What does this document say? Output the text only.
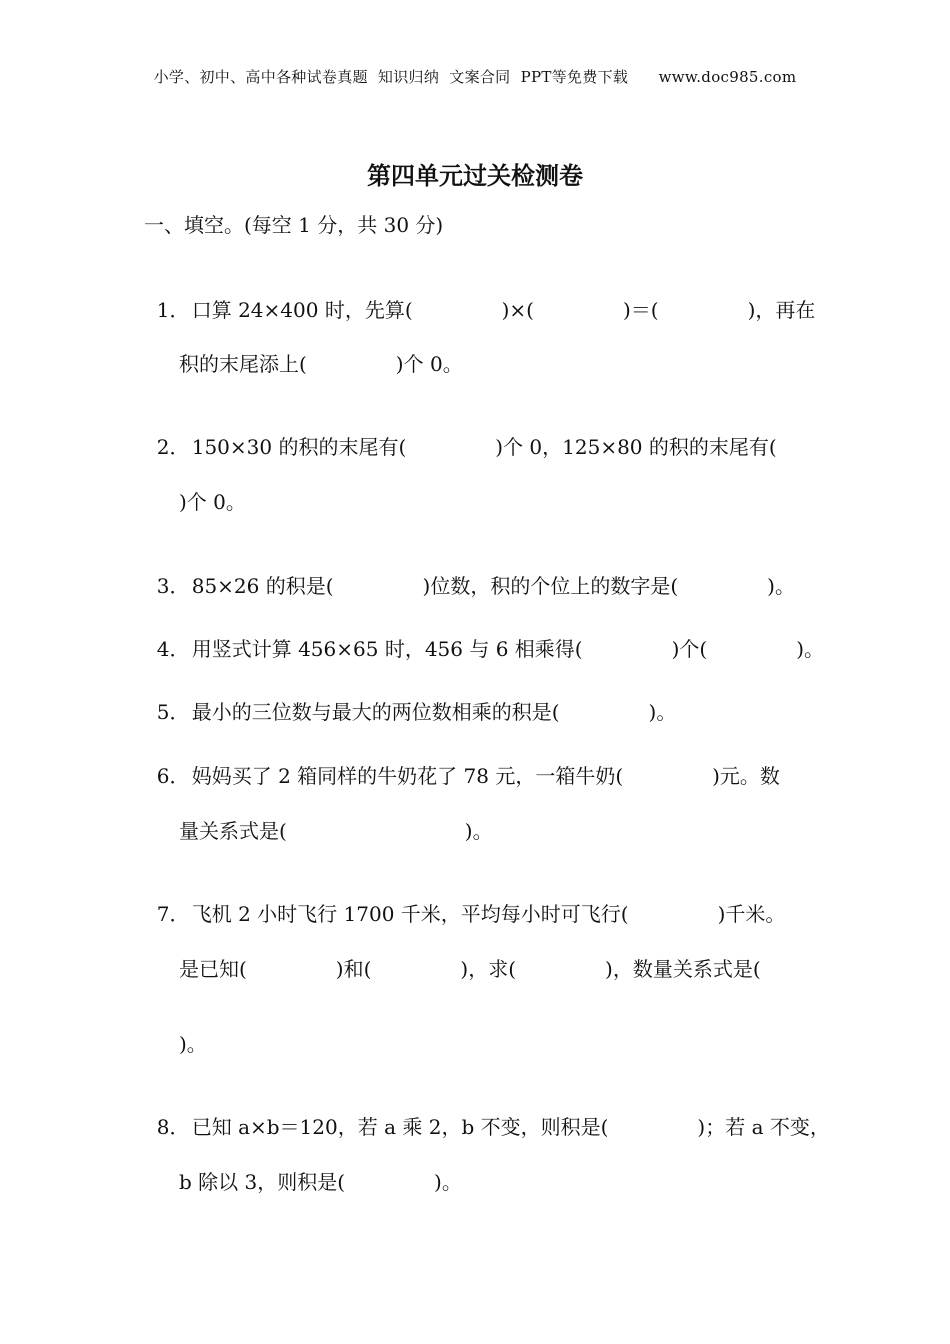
小学、初中、高中各种试卷真题  知识归纳  文案合同  PPT等免费下载      www.doc985.com
第四单元过关检测卷
一、填空。(每空 1 分，共 30 分)

1． 口算 24×400 时，先算(              )×(              )＝(              )，再在

积的末尾添上(              )个 0。

2． 150×30 的积的末尾有(              )个 0，125×80 的积的末尾有(

)个 0。

3． 85×26 的积是(              )位数，积的个位上的数字是(              )。

4． 用竖式计算 456×65 时，456 与 6 相乘得(              )个(              )。

5． 最小的三位数与最大的两位数相乘的积是(              )。

6． 妈妈买了 2 箱同样的牛奶花了 78 元，一箱牛奶(              )元。数

量关系式是(                            )。

7． 飞机 2 小时飞行 1700 千米，平均每小时可飞行(              )千米。

是已知(              )和(              )，求(              )，数量关系式是(
)。

8． 已知 a×b＝120，若 a 乘 2，b 不变，则积是(              )；若 a 不变，

b 除以 3，则积是(              )。
